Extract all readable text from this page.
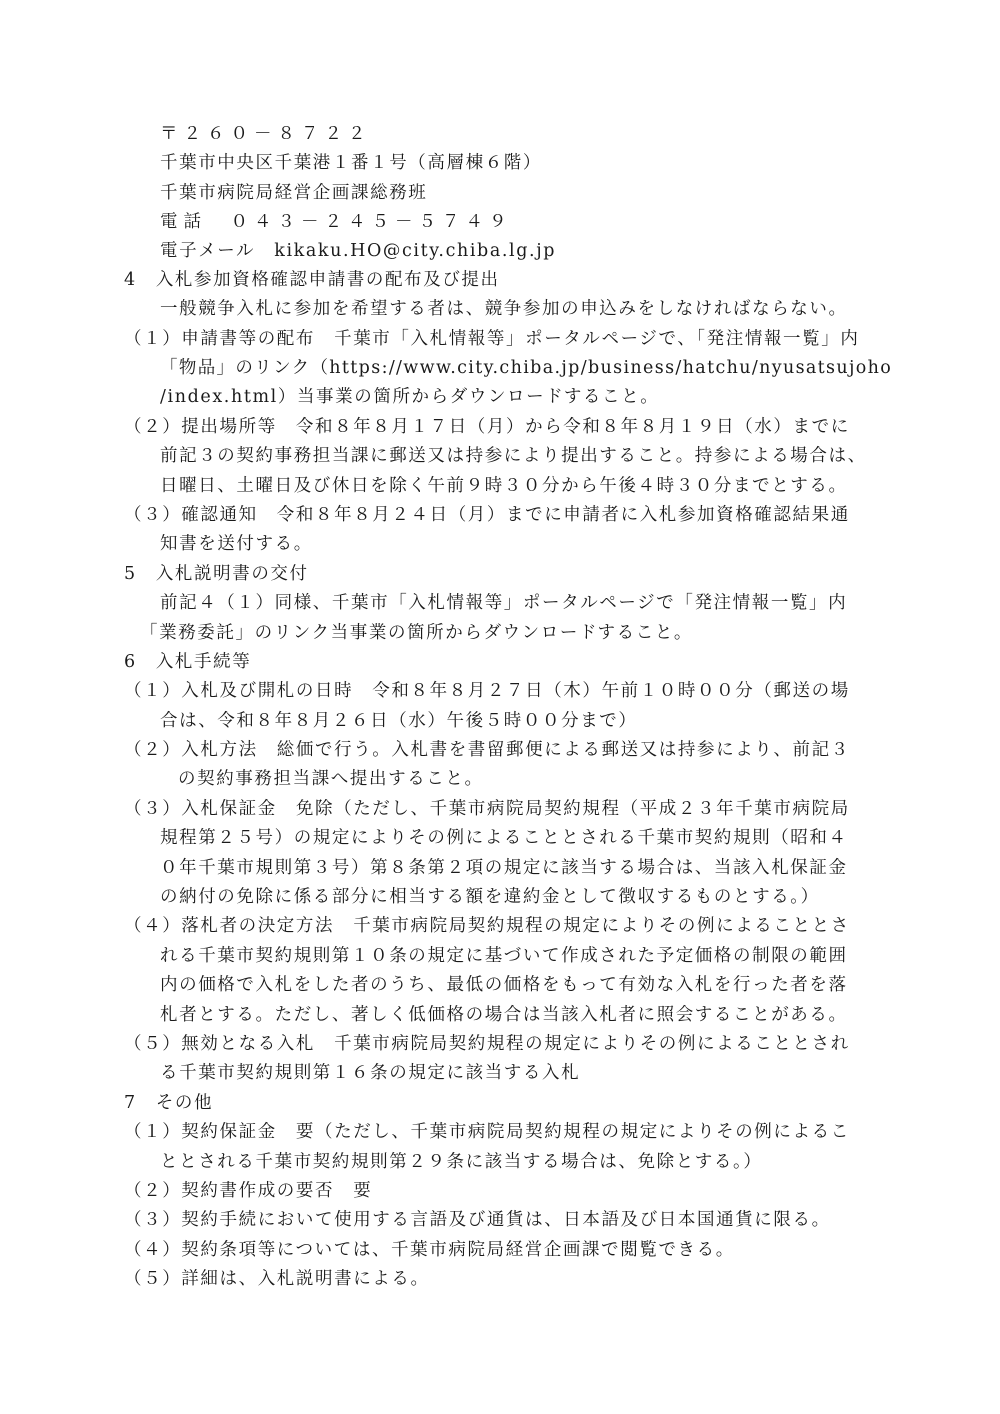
〒２６０－８７２２
千葉市中央区千葉港１番１号（高層棟６階）
千葉市病院局経営企画課総務班
電話　０４３－２４５－５７４９
電子メール　kikaku.HO@city.chiba.lg.jp
4　入札参加資格確認申請書の配布及び提出
一般競争入札に参加を希望する者は、競争参加の申込みをしなければならない。
（１）申請書等の配布　千葉市「入札情報等」ポータルページで、「発注情報一覧」内
「物品」のリンク（https://www.city.chiba.jp/business/hatchu/nyusatsujoho
/index.html）当事業の箇所からダウンロードすること。
（２）提出場所等　令和８年８月１７日（月）から令和８年８月１９日（水）までに
前記３の契約事務担当課に郵送又は持参により提出すること。持参による場合は、
日曜日、土曜日及び休日を除く午前９時３０分から午後４時３０分までとする。
（３）確認通知　令和８年８月２４日（月）までに申請者に入札参加資格確認結果通
知書を送付する。
5　入札説明書の交付
前記４（１）同様、千葉市「入札情報等」ポータルページで「発注情報一覧」内
「業務委託」のリンク当事業の箇所からダウンロードすること。
6　入札手続等
（１）入札及び開札の日時　令和８年８月２７日（木）午前１０時００分（郵送の場
合は、令和８年８月２６日（水）午後５時００分まで）
（２）入札方法　総価で行う。入札書を書留郵便による郵送又は持参により、前記３
の契約事務担当課へ提出すること。
（３）入札保証金　免除（ただし、千葉市病院局契約規程（平成２３年千葉市病院局
規程第２５号）の規定によりその例によることとされる千葉市契約規則（昭和４
０年千葉市規則第３号）第８条第２項の規定に該当する場合は、当該入札保証金
の納付の免除に係る部分に相当する額を違約金として徴収するものとする。）
（４）落札者の決定方法　千葉市病院局契約規程の規定によりその例によることとさ
れる千葉市契約規則第１０条の規定に基づいて作成された予定価格の制限の範囲
内の価格で入札をした者のうち、最低の価格をもって有効な入札を行った者を落
札者とする。ただし、著しく低価格の場合は当該入札者に照会することがある。
（５）無効となる入札　千葉市病院局契約規程の規定によりその例によることとされ
る千葉市契約規則第１６条の規定に該当する入札
7　その他
（１）契約保証金　要（ただし、千葉市病院局契約規程の規定によりその例によるこ
ととされる千葉市契約規則第２９条に該当する場合は、免除とする。）
（２）契約書作成の要否　要
（３）契約手続において使用する言語及び通貨は、日本語及び日本国通貨に限る。
（４）契約条項等については、千葉市病院局経営企画課で閲覧できる。
（５）詳細は、入札説明書による。
